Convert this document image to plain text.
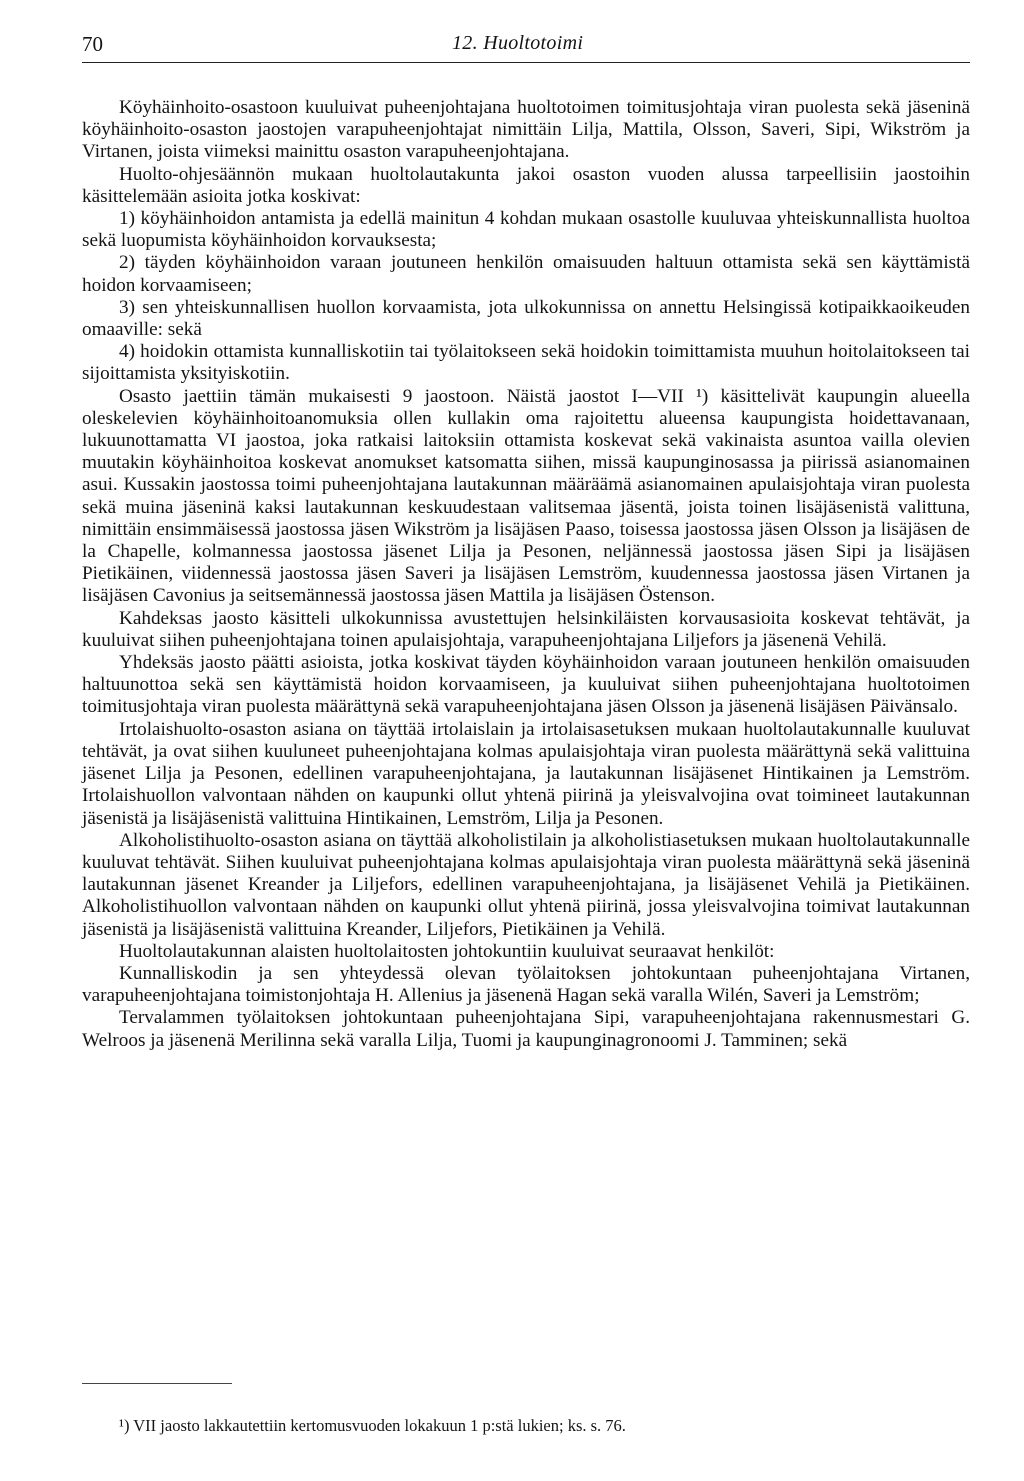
70	12. Huoltotoimi

Köyhäinhoito-osastoon kuuluivat puheenjohtajana huoltotoimen toimitusjohtaja viran puolesta sekä jäseninä köyhäinhoito-osaston jaostojen varapuheenjohtajat nimittäin Lilja, Mattila, Olsson, Saveri, Sipi, Wikström ja Virtanen, joista viimeksi mainittu osaston varapuheenjohtajana.

Huolto-ohjesäännön mukaan huoltolautakunta jakoi osaston vuoden alussa tarpeellisiin jaostoihin käsittelemään asioita jotka koskivat:

1) köyhäinhoidon antamista ja edellä mainitun 4 kohdan mukaan osastolle kuuluvaa yhteiskunnallista huoltoa sekä luopumista köyhäinhoidon korvauksesta;

2) täyden köyhäinhoidon varaan joutuneen henkilön omaisuuden haltuun ottamista sekä sen käyttämistä hoidon korvaamiseen;

3) sen yhteiskunnallisen huollon korvaamista, jota ulkokunnissa on annettu Helsingissä kotipaikkaoikeuden omaaville: sekä

4) hoidokin ottamista kunnalliskotiin tai työlaitokseen sekä hoidokin toimittamista muuhun hoitolaitokseen tai sijoittamista yksityiskotiin.

Osasto jaettiin tämän mukaisesti 9 jaostoon. Näistä jaostot I—VII ¹) käsittelivät kaupungin alueella oleskelevien köyhäinhoitoanomuksia ollen kullakin oma rajoitettu alueensa kaupungista hoidettavanaan, lukuunottamatta VI jaostoa, joka ratkaisi laitoksiin ottamista koskevat sekä vakinaista asuntoa vailla olevien muutakin köyhäinhoitoa koskevat anomukset katsomatta siihen, missä kaupunginosassa ja piirissä asianomainen asui. Kussakin jaostossa toimi puheenjohtajana lautakunnan määräämä asianomainen apulaisjohtaja viran puolesta sekä muina jäseninä kaksi lautakunnan keskuudestaan valitsemaa jäsentä, joista toinen lisäjäsenistä valittuna, nimittäin ensimmäisessä jaostossa jäsen Wikström ja lisäjäsen Paaso, toisessa jaostossa jäsen Olsson ja lisäjäsen de la Chapelle, kolmannessa jaostossa jäsenet Lilja ja Pesonen, neljännessä jaostossa jäsen Sipi ja lisäjäsen Pietikäinen, viidennessä jaostossa jäsen Saveri ja lisäjäsen Lemström, kuudennessa jaostossa jäsen Virtanen ja lisäjäsen Cavonius ja seitsemännessä jaostossa jäsen Mattila ja lisäjäsen Östenson.

Kahdeksas jaosto käsitteli ulkokunnissa avustettujen helsinkiläisten korvausasioita koskevat tehtävät, ja kuuluivat siihen puheenjohtajana toinen apulaisjohtaja, varapuheenjohtajana Liljefors ja jäsenenä Vehilä.

Yhdeksäs jaosto päätti asioista, jotka koskivat täyden köyhäinhoidon varaan joutuneen henkilön omaisuuden haltuunottoa sekä sen käyttämistä hoidon korvaamiseen, ja kuuluivat siihen puheenjohtajana huoltotoimen toimitusjohtaja viran puolesta määrättynä sekä varapuheenjohtajana jäsen Olsson ja jäsenenä lisäjäsen Päivänsalo.

Irtolaishuolto-osaston asiana on täyttää irtolaislain ja irtolaisasetuksen mukaan huoltolautakunnalle kuuluvat tehtävät, ja ovat siihen kuuluneet puheenjohtajana kolmas apulaisjohtaja viran puolesta määrättynä sekä valittuina jäsenet Lilja ja Pesonen, edellinen varapuheenjohtajana, ja lautakunnan lisäjäsenet Hintikainen ja Lemström. Irtolaishuollon valvontaan nähden on kaupunki ollut yhtenä piirinä ja yleisvalvojina ovat toimineet lautakunnan jäsenistä ja lisäjäsenistä valittuina Hintikainen, Lemström, Lilja ja Pesonen.

Alkoholistihuolto-osaston asiana on täyttää alkoholistilain ja alkoholistiasetuksen mukaan huoltolautakunnalle kuuluvat tehtävät. Siihen kuuluivat puheenjohtajana kolmas apulaisjohtaja viran puolesta määrättynä sekä jäseninä lautakunnan jäsenet Kreander ja Liljefors, edellinen varapuheenjohtajana, ja lisäjäsenet Vehilä ja Pietikäinen. Alkoholistihuollon valvontaan nähden on kaupunki ollut yhtenä piirinä, jossa yleisvalvojina toimivat lautakunnan jäsenistä ja lisäjäsenistä valittuina Kreander, Liljefors, Pietikäinen ja Vehilä.

Huoltolautakunnan alaisten huoltolaitosten johtokuntiin kuuluivat seuraavat henkilöt:

Kunnalliskodin ja sen yhteydessä olevan työlaitoksen johtokuntaan puheenjohtajana Virtanen, varapuheenjohtajana toimistonjohtaja H. Allenius ja jäsenenä Hagan sekä varalla Wilén, Saveri ja Lemström;

Tervalammen työlaitoksen johtokuntaan puheenjohtajana Sipi, varapuheenjohtajana rakennusmestari G. Welroos ja jäsenenä Merilinna sekä varalla Lilja, Tuomi ja kaupunginagronoomi J. Tamminen; sekä

¹) VII jaosto lakkautettiin kertomusvuoden lokakuun 1 p:stä lukien; ks. s. 76.
